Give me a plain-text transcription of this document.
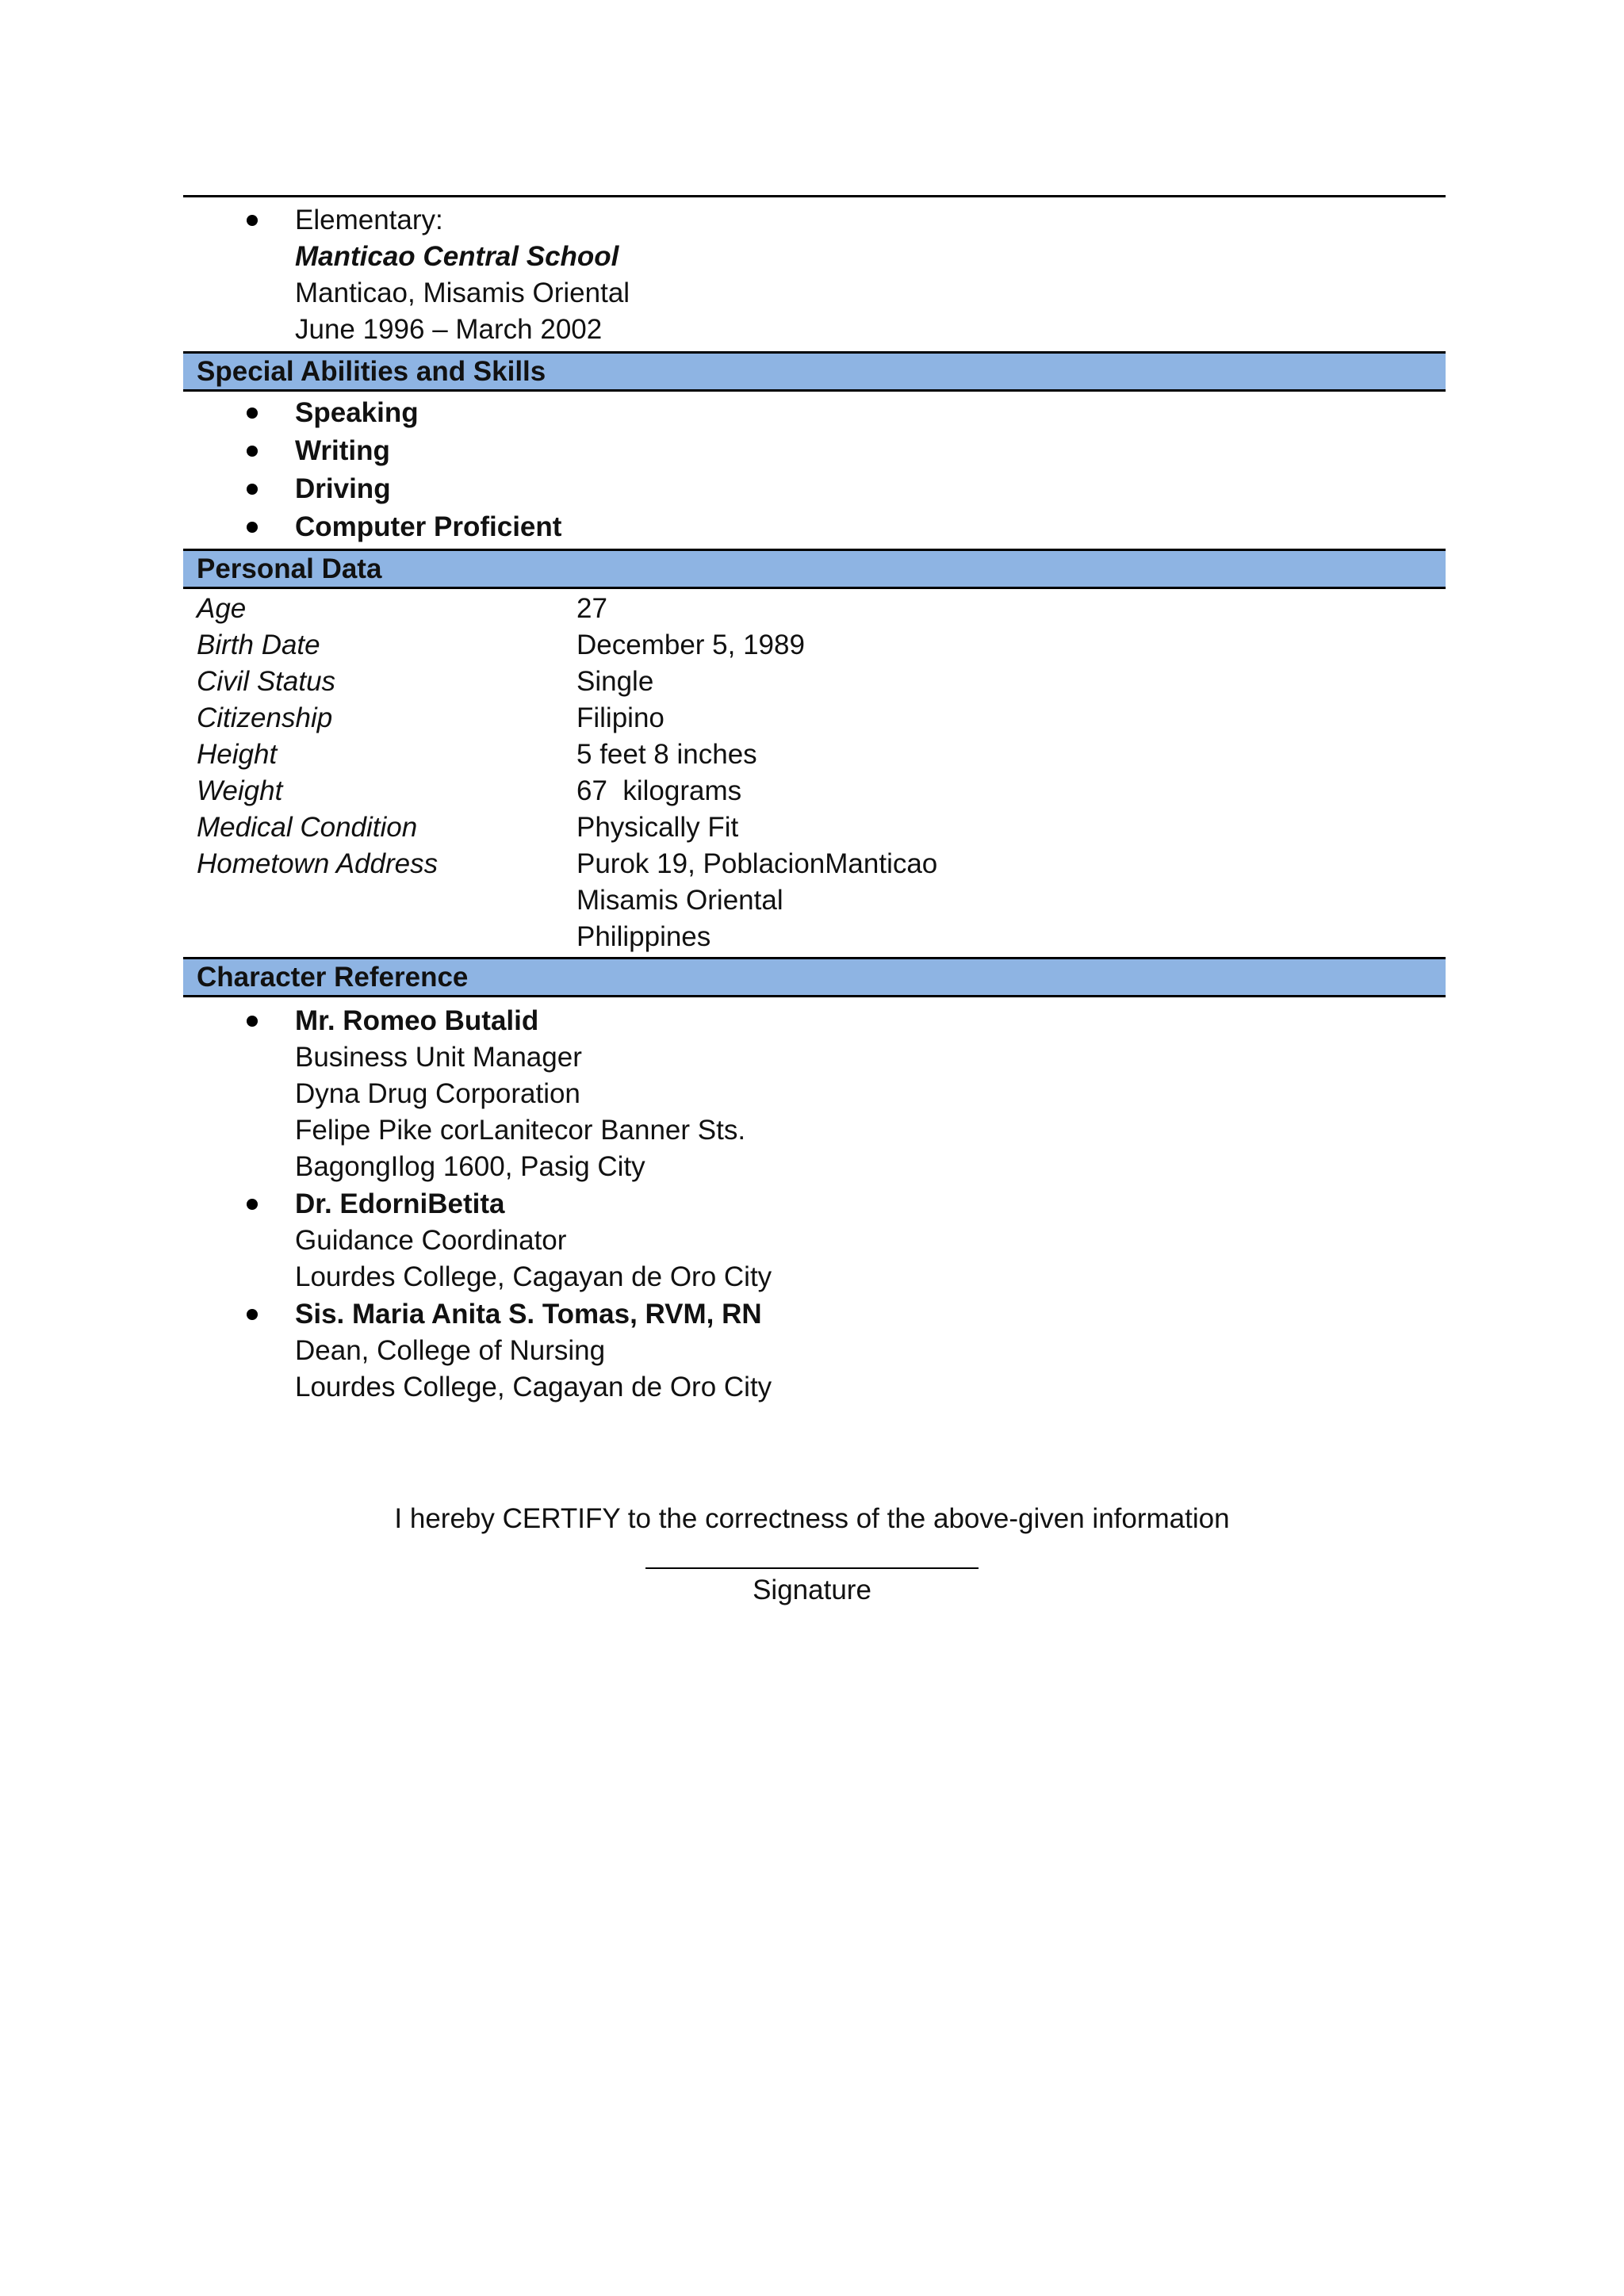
Elementary:
Manticao Central School
Manticao, Misamis Oriental
June 1996 – March 2002
Special Abilities and Skills
Speaking
Writing
Driving
Computer Proficient
Personal Data
Age	27
Birth Date	December 5, 1989
Civil Status	Single
Citizenship	Filipino
Height	5 feet 8 inches
Weight	67  kilograms
Medical Condition	Physically Fit
Hometown Address	Purok 19, PoblacionManticao
	Misamis Oriental
	Philippines
Character Reference
Mr. Romeo Butalid
Business Unit Manager
Dyna Drug Corporation
Felipe Pike corLanitecor Banner Sts.
BagongIlog 1600, Pasig City
Dr. EdorniBetita
Guidance Coordinator
Lourdes College, Cagayan de Oro City
Sis. Maria Anita S. Tomas, RVM, RN
Dean, College of Nursing
Lourdes College, Cagayan de Oro City
I hereby CERTIFY to the correctness of the above-given information
Signature
